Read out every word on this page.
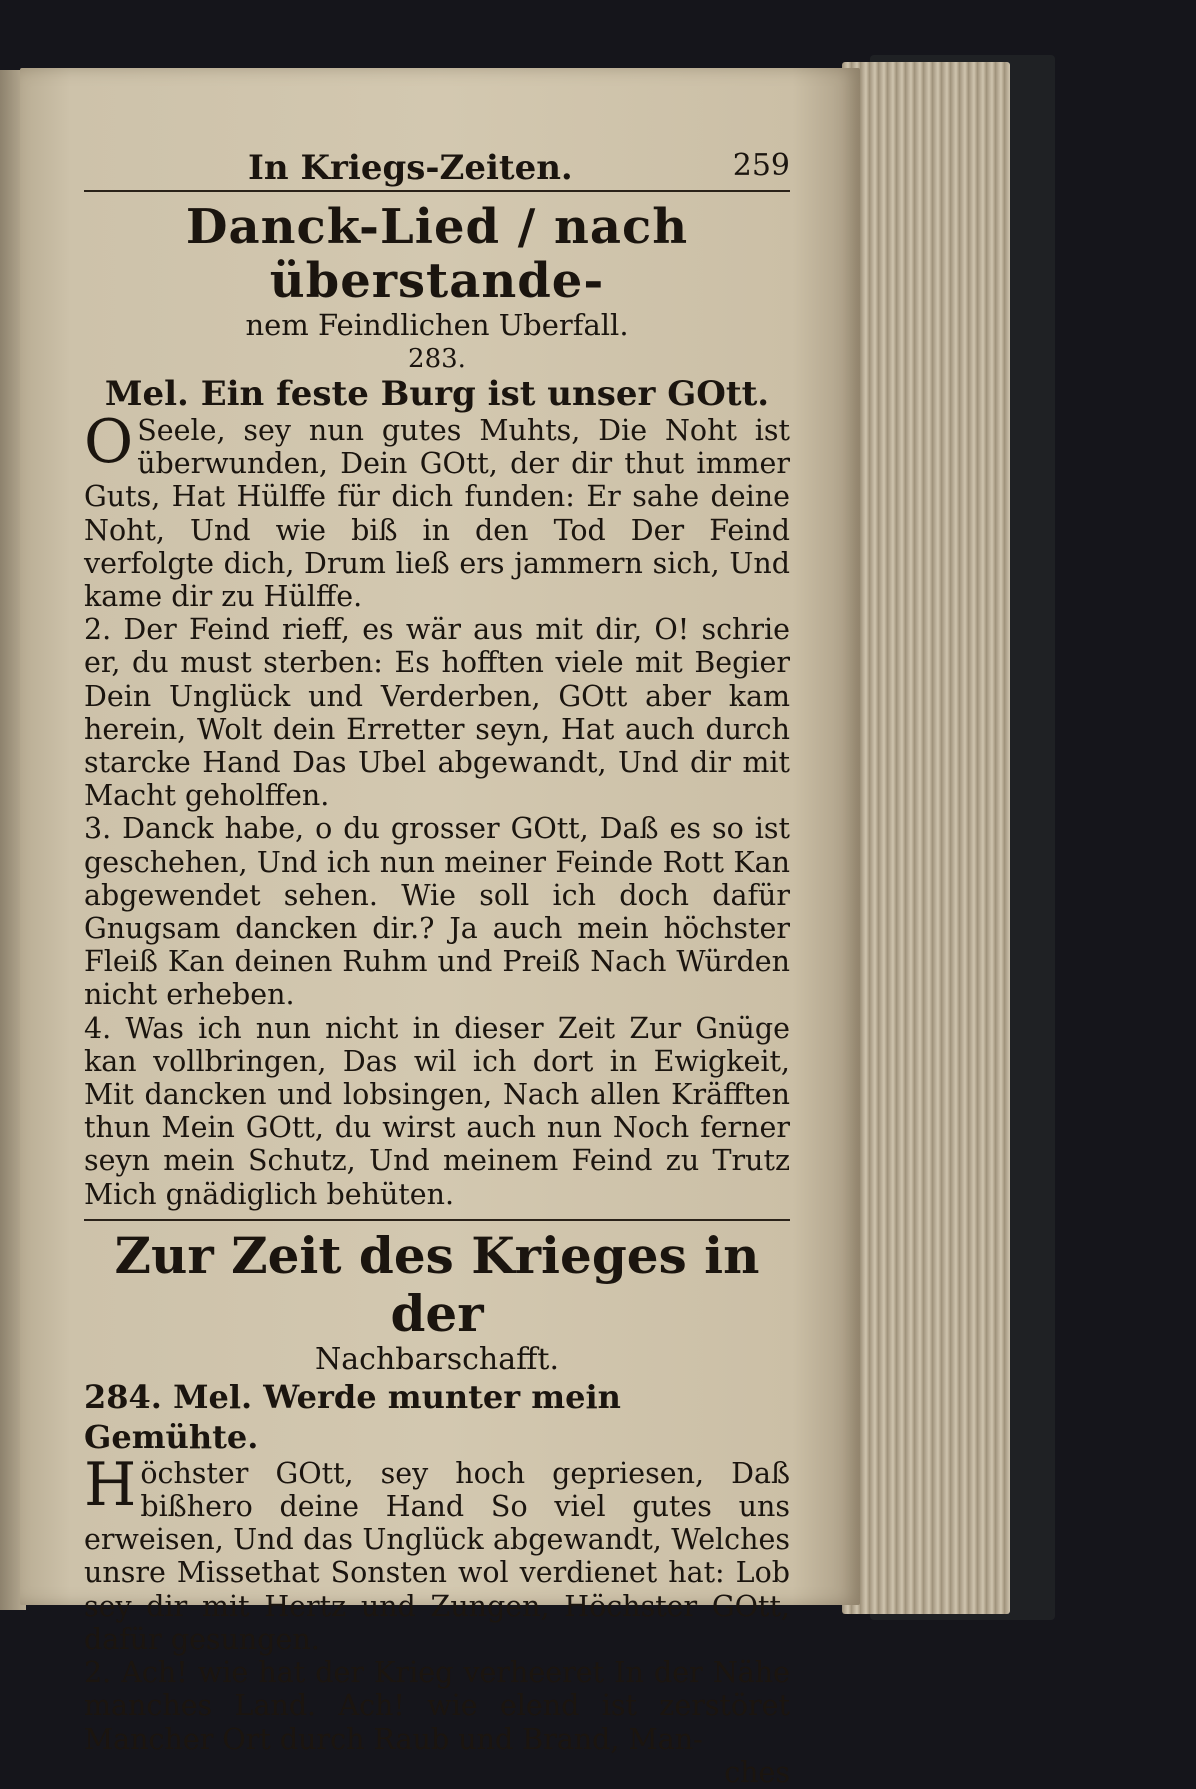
In Kriegs-Zeiten.	259
Danck-Lied / nach überstande-
nem Feindlichen Uberfall.
283.
Mel. Ein feste Burg ist unser GOtt.

OSeele, sey nun gutes Muhts, Die Noht ist überwunden, Dein GOtt, der dir thut immer Guts, Hat Hülffe für dich funden: Er sahe deine Noht, Und wie biß in den Tod Der Feind verfolgte dich, Drum ließ ers jammern sich, Und kame dir zu Hülffe.

2. Der Feind rieff, es wär aus mit dir, O! schrie er, du must sterben: Es hofften viele mit Begier Dein Unglück und Verderben, GOtt aber kam herein, Wolt dein Erretter seyn, Hat auch durch starcke Hand Das Ubel abgewandt, Und dir mit Macht geholffen.

3. Danck habe, o du grosser GOtt, Daß es so ist geschehen, Und ich nun meiner Feinde Rott Kan abgewendet sehen. Wie soll ich doch dafür Gnugsam dancken dir.? Ja auch mein höchster Fleiß Kan deinen Ruhm und Preiß Nach Würden nicht erheben.

4. Was ich nun nicht in dieser Zeit Zur Gnüge kan vollbringen, Das wil ich dort in Ewigkeit, Mit dancken und lobsingen, Nach allen Kräfften thun Mein GOtt, du wirst auch nun Noch ferner seyn mein Schutz, Und meinem Feind zu Trutz Mich gnädiglich behüten.

Zur Zeit des Krieges in der
Nachbarschafft.
284. Mel. Werde munter mein Gemühte.

Höchster GOtt, sey hoch gepriesen, Daß bißhero deine Hand So viel gutes uns erweisen, Und das Unglück abgewandt, Welches unsre Missethat Sonsten wol verdienet hat: Lob sey dir mit Hertz und Zungen, Höchster GOtt, dafür gesungen.

2. Ach! wie hat der Krieg verheeret In der Nähe manches Land. Ach! wie elend ist zerstöret Mancher Ort durch Raub und Brand, Man-

ches
